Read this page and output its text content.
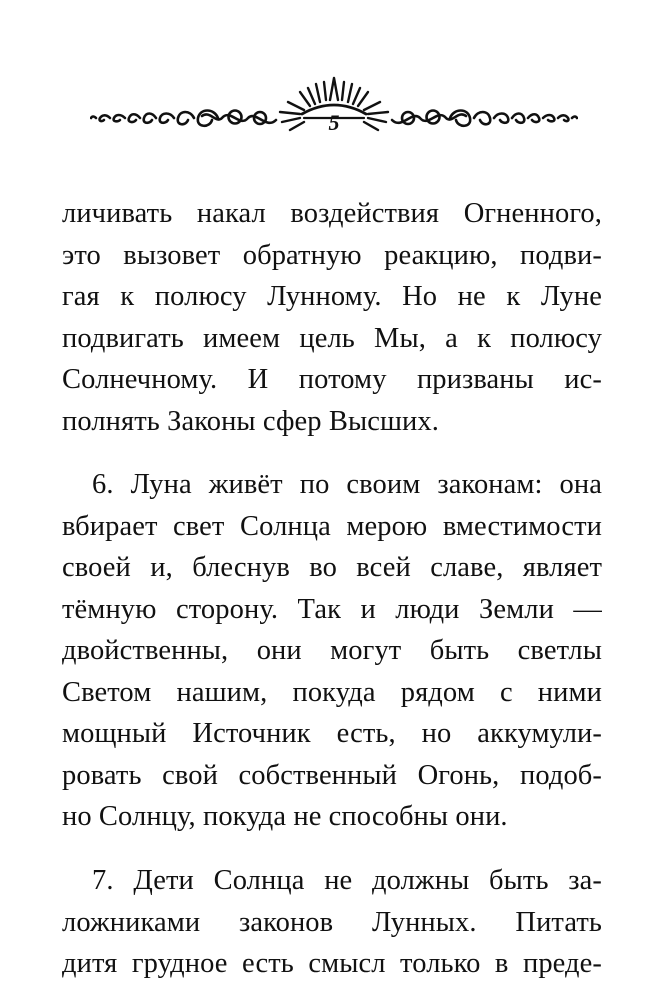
5
личивать накал воздействия Огненного,
это вызовет обратную реакцию, подви-
гая к полюсу Лунному. Но не к Луне
подвигать имеем цель Мы, а к полюсу
Солнечному. И потому призваны ис-
полнять Законы сфер Высших.
6. Луна живёт по своим законам: она
вбирает свет Солнца мерою вместимости
своей и, блеснув во всей славе, являет
тёмную сторону. Так и люди Земли —
двойственны, они могут быть светлы
Светом нашим, покуда рядом с ними
мощный Источник есть, но аккумули-
ровать свой собственный Огонь, подоб-
но Солнцу, покуда не способны они.
7. Дети Солнца не должны быть за-
ложниками законов Лунных. Питать
дитя грудное есть смысл только в преде-
